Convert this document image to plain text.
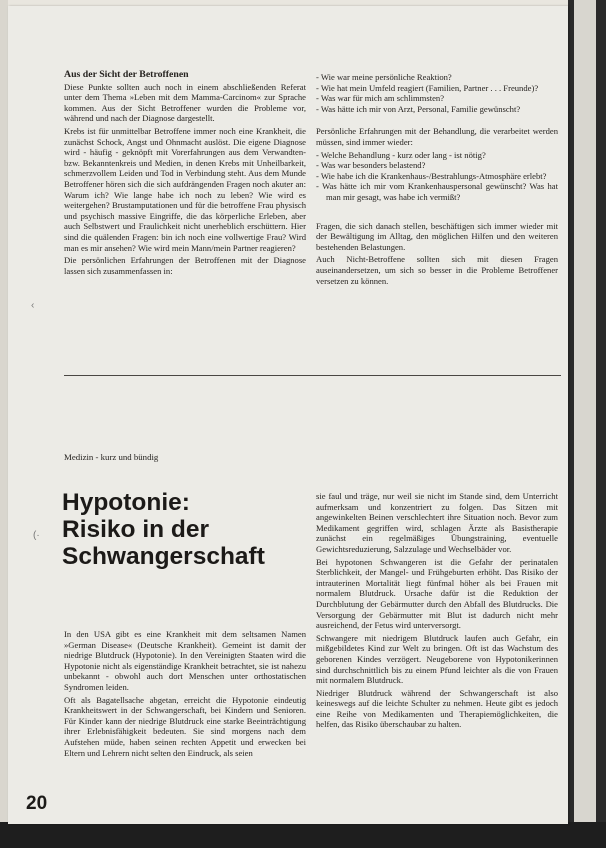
Aus der Sicht der Betroffenen

Diese Punkte sollten auch noch in einem abschließenden Referat unter dem Thema »Leben mit dem Mamma-Carcinom« zur Sprache kommen. Aus der Sicht Betroffener wurden die Probleme vor, während und nach der Diagnose dargestellt.

Krebs ist für unmittelbar Betroffene immer noch eine Krankheit, die zunächst Schock, Angst und Ohnmacht auslöst. Die eigene Diagnose wird - häufig - geknöpft mit Vorerfahrungen aus dem Verwandten- bzw. Bekanntenkreis und Medien, in denen Krebs mit Unheilbarkeit, schmerzvollem Leiden und Tod in Verbindung steht. Aus dem Munde Betroffener hören sich die sich aufdrängenden Fragen noch akuter an: Warum ich? Wie lange habe ich noch zu leben? Wie wird es weitergehen? Brustamputationen und für die betroffene Frau physisch und psychisch massive Eingriffe, die das körperliche Erleben, aber auch Selbstwert und Fraulichkeit nicht unerheblich erschüttern. Hier sind die quälenden Fragen: bin ich noch eine vollwertige Frau? Wird man es mir ansehen? Wie wird mein Mann/mein Partner reagieren?

Die persönlichen Erfahrungen der Betroffenen mit der Diagnose lassen sich zusammenfassen in:

- Wie war meine persönliche Reaktion?
- Wie hat mein Umfeld reagiert (Familien, Partner . . . Freunde)?
- Was war für mich am schlimmsten?
- Was hätte ich mir von Arzt, Personal, Familie gewünscht?

Persönliche Erfahrungen mit der Behandlung, die verarbeitet werden müssen, sind immer wieder:

- Welche Behandlung - kurz oder lang - ist nötig?
- Was war besonders belastend?
- Wie habe ich die Krankenhaus-/Bestrahlungs-Atmosphäre erlebt?
- Was hätte ich mir vom Krankenhauspersonal gewünscht? Was hat man mir gesagt, was habe ich vermißt?

Fragen, die sich danach stellen, beschäftigen sich immer wieder mit der Bewältigung im Alltag, den möglichen Hilfen und den weiteren bestehenden Belastungen.

Auch Nicht-Betroffene sollten sich mit diesen Fragen auseinandersetzen, um sich so besser in die Probleme Betroffener versetzen zu können.

Medizin - kurz und bündig
Hypotonie:
Risiko in der
Schwangerschaft
(·
‹

In den USA gibt es eine Krankheit mit dem seltsamen Namen »German Disease« (Deutsche Krankheit). Gemeint ist damit der niedrige Blutdruck (Hypotonie). In den Vereinigten Staaten wird die Hypotonie nicht als eigenständige Krankheit betrachtet, sie ist nahezu unbekannt - obwohl auch dort Menschen unter orthostatischen Syndromen leiden.

Oft als Bagatellsache abgetan, erreicht die Hypotonie eindeutig Krankheitswert in der Schwangerschaft, bei Kindern und Senioren. Für Kinder kann der niedrige Blutdruck eine starke Beeinträchtigung ihrer Erlebnisfähigkeit bedeuten. Sie sind morgens nach dem Aufstehen müde, haben seinen rechten Appetit und erwecken bei Eltern und Lehrern nicht selten den Eindruck, als seien

sie faul und träge, nur weil sie nicht im Stande sind, dem Unterricht aufmerksam und konzentriert zu folgen. Das Sitzen mit angewinkelten Beinen verschlechtert ihre Situation noch. Bevor zum Medikament gegriffen wird, schlagen Ärzte als Basistherapie zunächst ein regelmäßiges Übungstraining, eventuelle Gewichtsreduzierung, Salzzulage und Wechselbäder vor.

Bei hypotonen Schwangeren ist die Gefahr der perinatalen Sterblichkeit, der Mangel- und Frühgeburten erhöht. Das Risiko der intrauterinen Mortalität liegt fünfmal höher als bei Frauen mit normalem Blutdruck. Ursache dafür ist die Reduktion der Durchblutung der Gebärmutter durch den Abfall des Blutdrucks. Die Versorgung der Gebärmutter mit Blut ist dadurch nicht mehr ausreichend, der Fetus wird unterversorgt.

Schwangere mit niedrigem Blutdruck laufen auch Gefahr, ein mißgebildetes Kind zur Welt zu bringen. Oft ist das Wachstum des geborenen Kindes verzögert. Neugeborene von Hypotonikerinnen sind durchschnittlich bis zu einem Pfund leichter als die von Frauen mit normalem Blutdruck.

Niedriger Blutdruck während der Schwangerschaft ist also keineswegs auf die leichte Schulter zu nehmen. Heute gibt es jedoch eine Reihe von Medikamenten und Therapiemöglichkeiten, die helfen, das Risiko überschaubar zu halten.

20
